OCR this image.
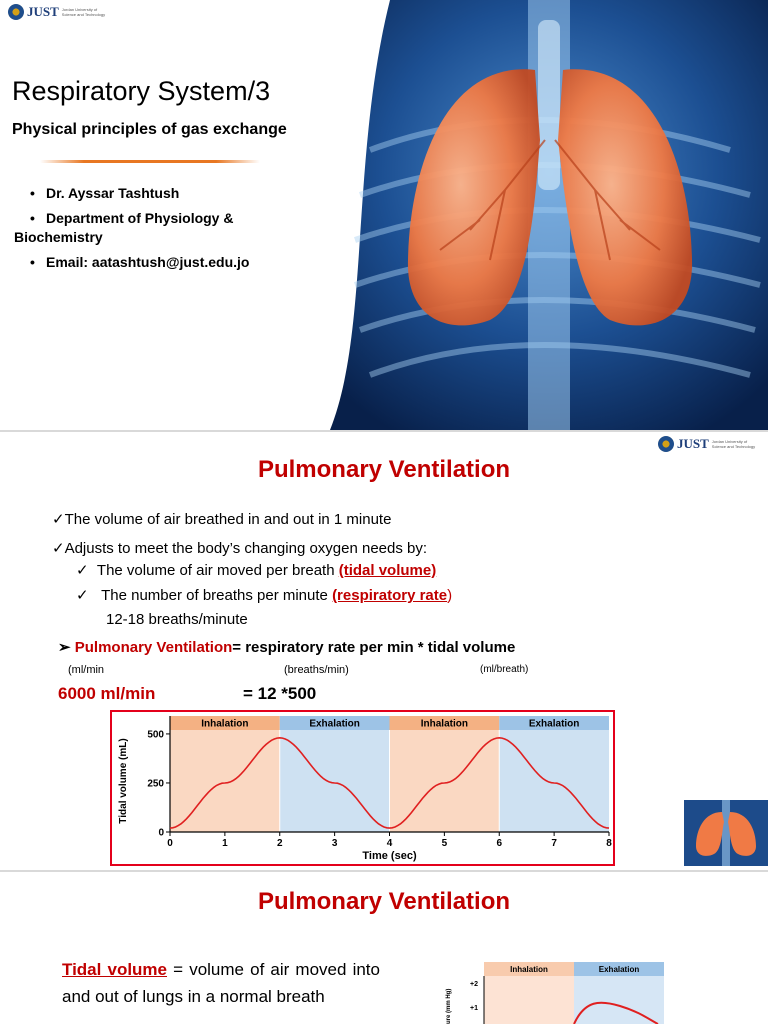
JUST Jordan University of Science and Technology
Respiratory System/3
Physical principles of gas exchange
• Dr. Ayssar Tashtush
• Department of Physiology &
Biochemistry
• Email: aatashtush@just.edu.jo
JUST Jordan University of Science and Technology
Pulmonary Ventilation
✓The volume of air breathed in and out in 1 minute
✓Adjusts to meet the body’s changing oxygen needs by:
✓ The volume of air moved per breath (tidal volume)
✓ The number of breaths per minute (respiratory rate)
12-18 breaths/minute
➢ Pulmonary Ventilation= respiratory rate per min * tidal volume
(ml/min	(breaths/min)	(ml/breath)
6000 ml/min	= 12 *500
Inhalation	Exhalation	Inhalation	Exhalation
0
250
500
0	1	2	3	4	5	6	7	8
Time (sec)
Tidal volume (mL)
Pulmonary Ventilation
Tidal volume = volume of air moved into and out of lungs in a normal breath
Inhalation	Exhalation
+2
+1
ure (mm Hg)
